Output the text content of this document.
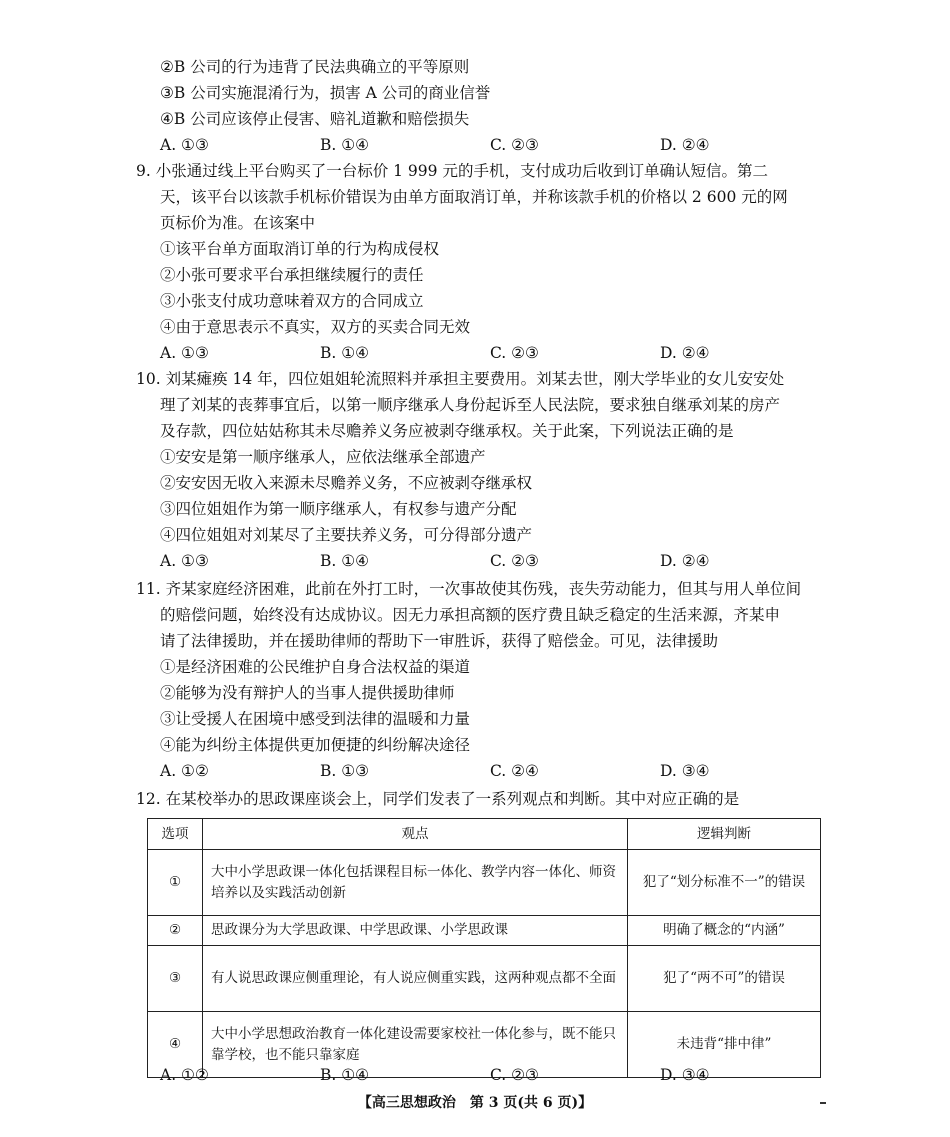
②B 公司的行为违背了民法典确立的平等原则
③B 公司实施混淆行为，损害 A 公司的商业信誉
④B 公司应该停止侵害、赔礼道歉和赔偿损失
A. ①③	B. ①④	C. ②③	D. ②④
9. 小张通过线上平台购买了一台标价 1 999 元的手机，支付成功后收到订单确认短信。第二
天，该平台以该款手机标价错误为由单方面取消订单，并称该款手机的价格以 2 600 元的网
页标价为准。在该案中
①该平台单方面取消订单的行为构成侵权
②小张可要求平台承担继续履行的责任
③小张支付成功意味着双方的合同成立
④由于意思表示不真实，双方的买卖合同无效
A. ①③	B. ①④	C. ②③	D. ②④
10. 刘某瘫痪 14 年，四位姐姐轮流照料并承担主要费用。刘某去世，刚大学毕业的女儿安安处
理了刘某的丧葬事宜后，以第一顺序继承人身份起诉至人民法院，要求独自继承刘某的房产
及存款，四位姑姑称其未尽赡养义务应被剥夺继承权。关于此案，下列说法正确的是
①安安是第一顺序继承人，应依法继承全部遗产
②安安因无收入来源未尽赡养义务，不应被剥夺继承权
③四位姐姐作为第一顺序继承人，有权参与遗产分配
④四位姐姐对刘某尽了主要扶养义务，可分得部分遗产
A. ①③	B. ①④	C. ②③	D. ②④
11. 齐某家庭经济困难，此前在外打工时，一次事故使其伤残，丧失劳动能力，但其与用人单位间
的赔偿问题，始终没有达成协议。因无力承担高额的医疗费且缺乏稳定的生活来源，齐某申
请了法律援助，并在援助律师的帮助下一审胜诉，获得了赔偿金。可见，法律援助
①是经济困难的公民维护自身合法权益的渠道
②能够为没有辩护人的当事人提供援助律师
③让受援人在困境中感受到法律的温暖和力量
④能为纠纷主体提供更加便捷的纠纷解决途径
A. ①②	B. ①③	C. ②④	D. ③④
12. 在某校举办的思政课座谈会上，同学们发表了一系列观点和判断。其中对应正确的是
选项	观点	逻辑判断
①	大中小学思政课一体化包括课程目标一体化、教学内容一体化、师资培养以及实践活动创新	犯了“划分标准不一”的错误
②	思政课分为大学思政课、中学思政课、小学思政课	明确了概念的“内涵”
③	有人说思政课应侧重理论，有人说应侧重实践，这两种观点都不全面	犯了“两不可”的错误
④	大中小学思想政治教育一体化建设需要家校社一体化参与，既不能只靠学校，也不能只靠家庭	未违背“排中律”
A. ①②	B. ①④	C. ②③	D. ③④
【高三思想政治　第 3 页(共 6 页)】
